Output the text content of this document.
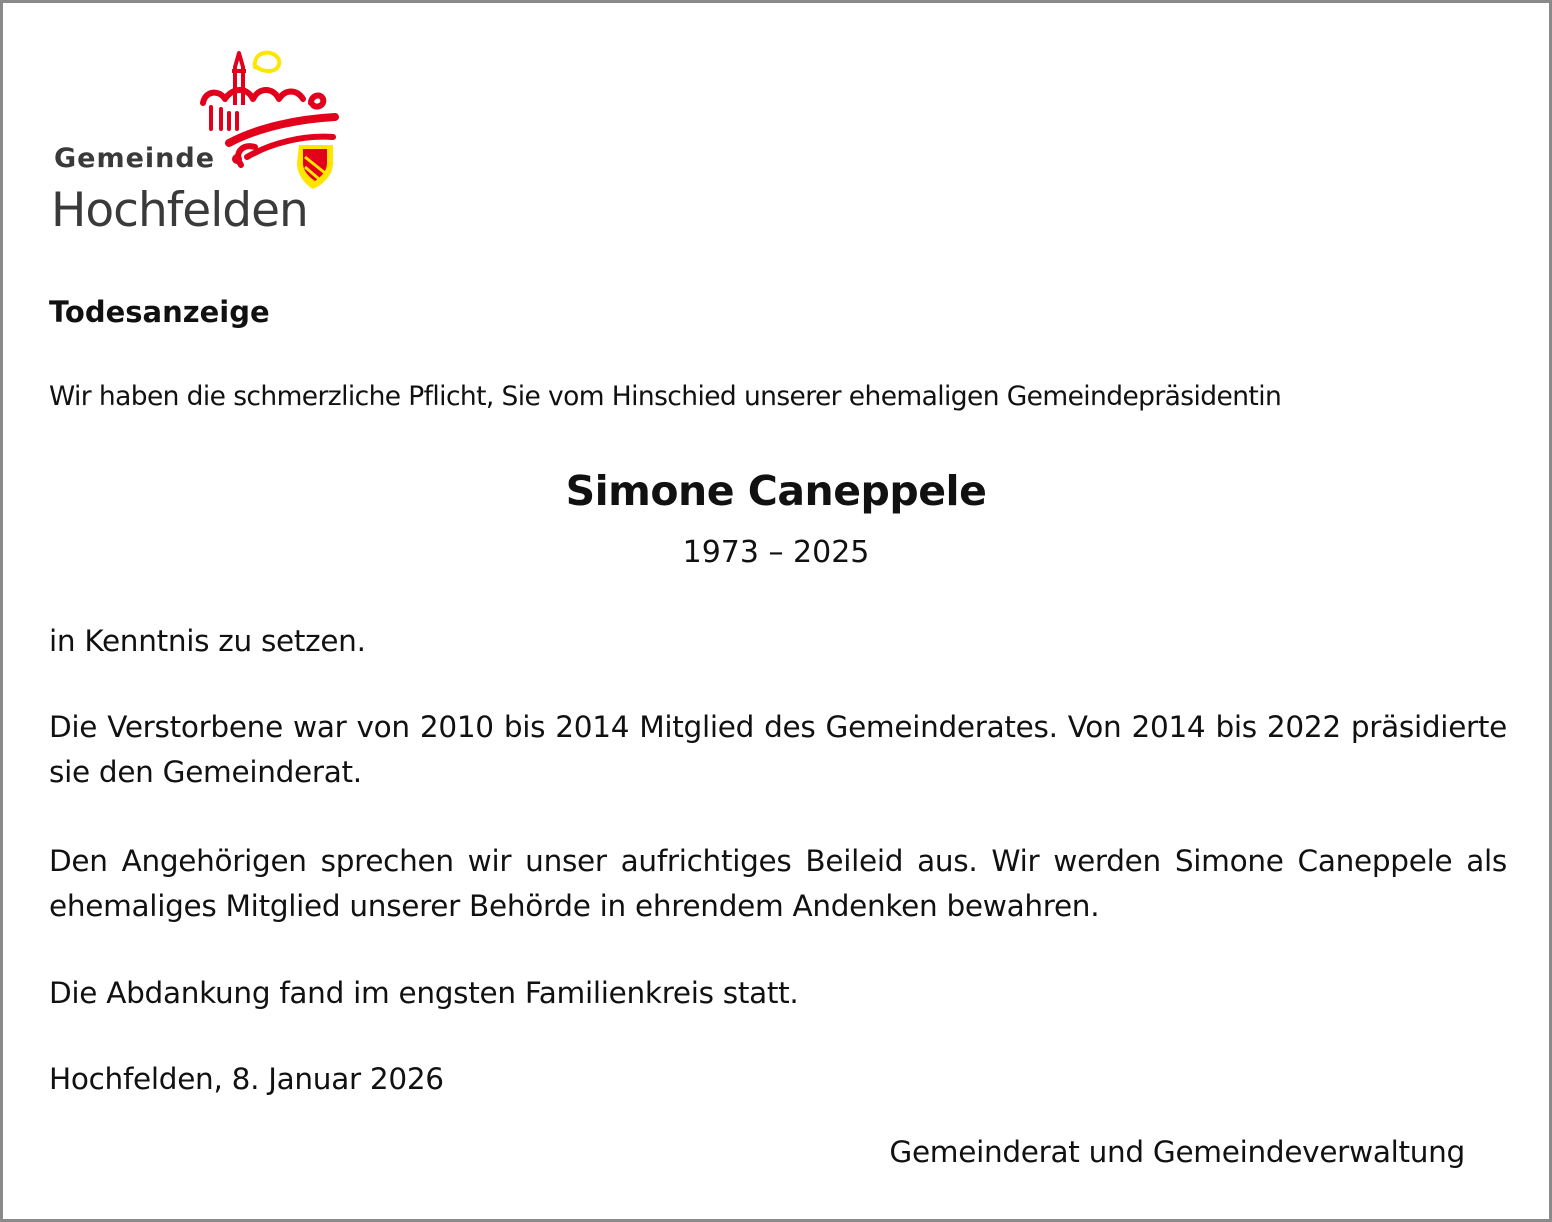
Gemeinde
Hochfelden
Todesanzeige
Wir haben die schmerzliche Pflicht, Sie vom Hinschied unserer ehemaligen Gemeindepräsidentin
Simone Caneppele
1973 – 2025
in Kenntnis zu setzen.
Die Verstorbene war von 2010 bis 2014 Mitglied des Gemeinderates. Von 2014 bis 2022 präsidierte sie den Gemeinderat.
Den Angehörigen sprechen wir unser aufrichtiges Beileid aus. Wir werden Simone Caneppele als ehemaliges Mitglied unserer Behörde in ehrendem Andenken bewahren.
Die Abdankung fand im engsten Familienkreis statt.
Hochfelden, 8. Januar 2026
Gemeinderat und Gemeindeverwaltung
